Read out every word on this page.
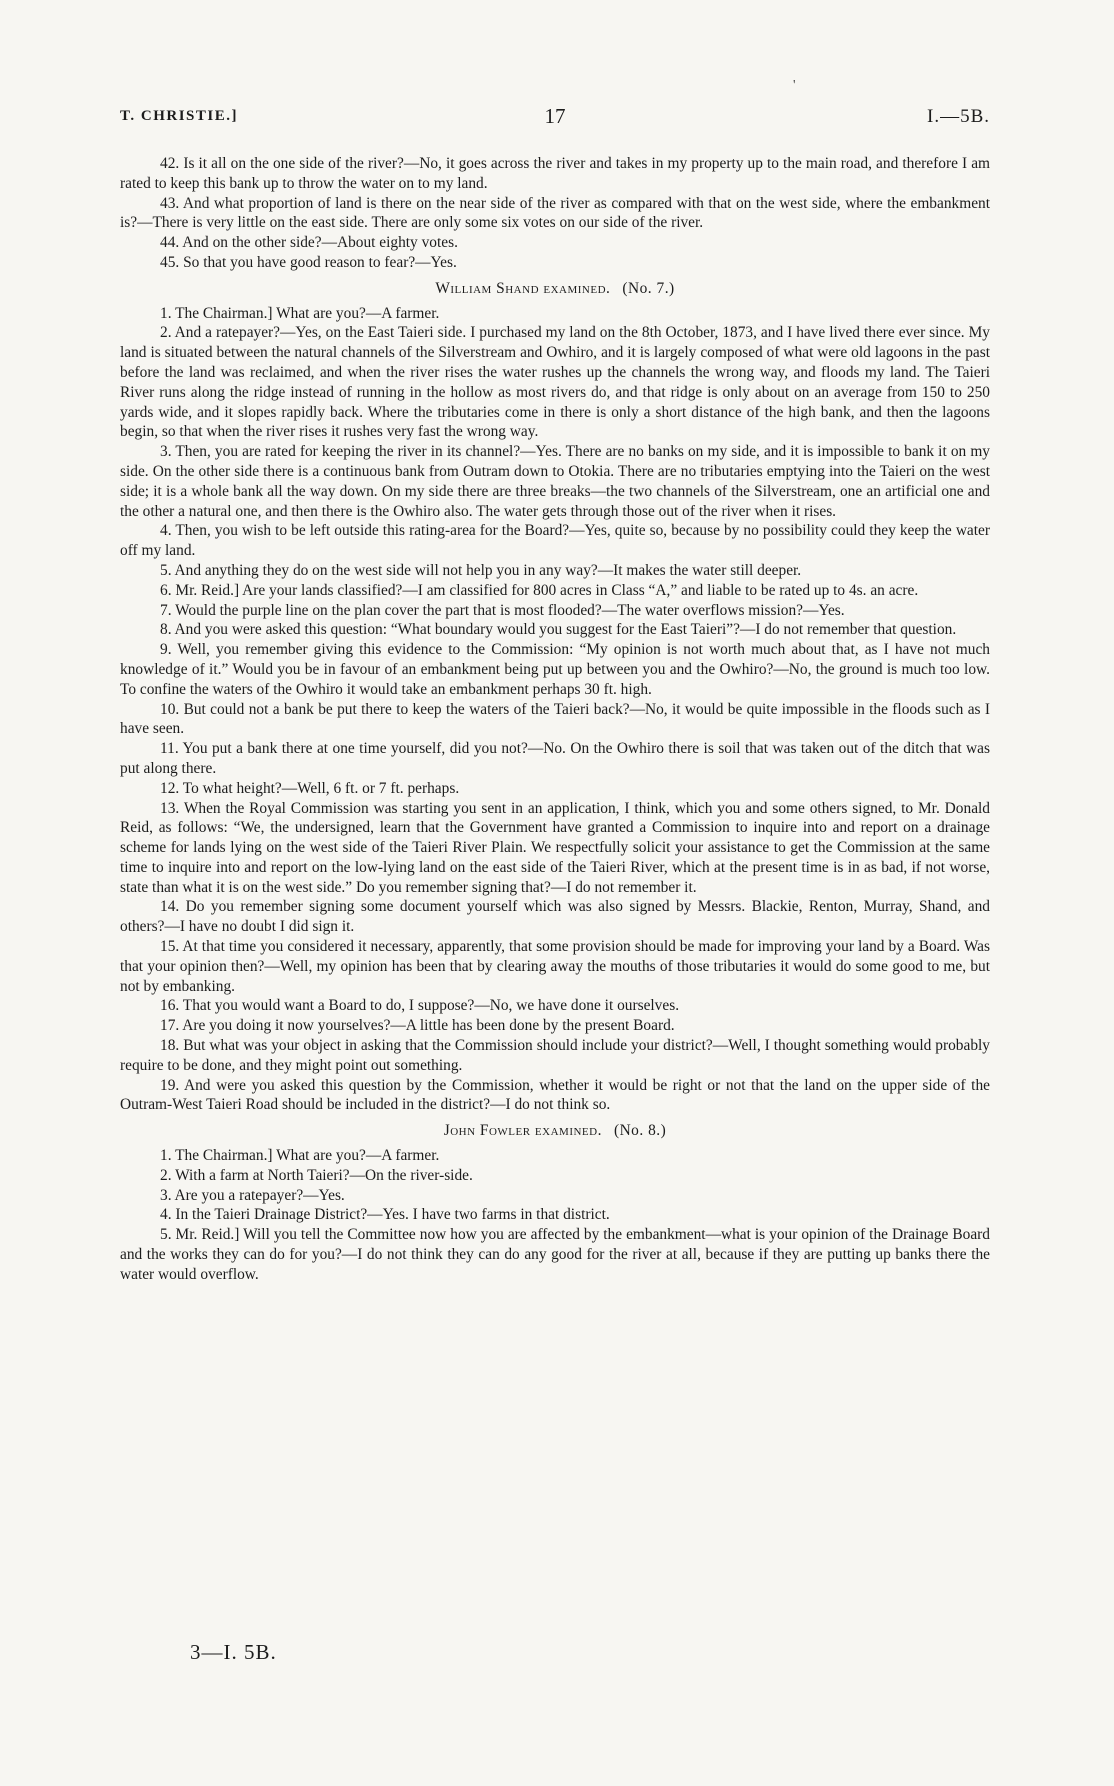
'
T. CHRISTIE.]	17	I.—5B.

42. Is it all on the one side of the river?—No, it goes across the river and takes in my property up to the main road, and therefore I am rated to keep this bank up to throw the water on to my land.

43. And what proportion of land is there on the near side of the river as compared with that on the west side, where the embankment is?—There is very little on the east side. There are only some six votes on our side of the river.

44. And on the other side?—About eighty votes.

45. So that you have good reason to fear?—Yes.

William Shand examined. (No. 7.)

1. The Chairman.] What are you?—A farmer.

2. And a ratepayer?—Yes, on the East Taieri side. I purchased my land on the 8th October, 1873, and I have lived there ever since. My land is situated between the natural channels of the Silverstream and Owhiro, and it is largely composed of what were old lagoons in the past before the land was reclaimed, and when the river rises the water rushes up the channels the wrong way, and floods my land. The Taieri River runs along the ridge instead of running in the hollow as most rivers do, and that ridge is only about on an average from 150 to 250 yards wide, and it slopes rapidly back. Where the tributaries come in there is only a short distance of the high bank, and then the lagoons begin, so that when the river rises it rushes very fast the wrong way.

3. Then, you are rated for keeping the river in its channel?—Yes. There are no banks on my side, and it is impossible to bank it on my side. On the other side there is a continuous bank from Outram down to Otokia. There are no tributaries emptying into the Taieri on the west side; it is a whole bank all the way down. On my side there are three breaks—the two channels of the Silverstream, one an artificial one and the other a natural one, and then there is the Owhiro also. The water gets through those out of the river when it rises.

4. Then, you wish to be left outside this rating-area for the Board?—Yes, quite so, because by no possibility could they keep the water off my land.

5. And anything they do on the west side will not help you in any way?—It makes the water still deeper.

6. Mr. Reid.] Are your lands classified?—I am classified for 800 acres in Class “A,” and liable to be rated up to 4s. an acre.

7. Would the purple line on the plan cover the part that is most flooded?—The water overflows mission?—Yes.

8. And you were asked this question: “What boundary would you suggest for the East Taieri”?—I do not remember that question.

9. Well, you remember giving this evidence to the Commission: “My opinion is not worth much about that, as I have not much knowledge of it.” Would you be in favour of an embankment being put up between you and the Owhiro?—No, the ground is much too low. To confine the waters of the Owhiro it would take an embankment perhaps 30 ft. high.

10. But could not a bank be put there to keep the waters of the Taieri back?—No, it would be quite impossible in the floods such as I have seen.

11. You put a bank there at one time yourself, did you not?—No. On the Owhiro there is soil that was taken out of the ditch that was put along there.

12. To what height?—Well, 6 ft. or 7 ft. perhaps.

13. When the Royal Commission was starting you sent in an application, I think, which you and some others signed, to Mr. Donald Reid, as follows: “We, the undersigned, learn that the Government have granted a Commission to inquire into and report on a drainage scheme for lands lying on the west side of the Taieri River Plain. We respectfully solicit your assistance to get the Commission at the same time to inquire into and report on the low-lying land on the east side of the Taieri River, which at the present time is in as bad, if not worse, state than what it is on the west side.” Do you remember signing that?—I do not remember it.

14. Do you remember signing some document yourself which was also signed by Messrs. Blackie, Renton, Murray, Shand, and others?—I have no doubt I did sign it.

15. At that time you considered it necessary, apparently, that some provision should be made for improving your land by a Board. Was that your opinion then?—Well, my opinion has been that by clearing away the mouths of those tributaries it would do some good to me, but not by embanking.

16. That you would want a Board to do, I suppose?—No, we have done it ourselves.

17. Are you doing it now yourselves?—A little has been done by the present Board.

18. But what was your object in asking that the Commission should include your district?—Well, I thought something would probably require to be done, and they might point out something.

19. And were you asked this question by the Commission, whether it would be right or not that the land on the upper side of the Outram-West Taieri Road should be included in the district?—I do not think so.

John Fowler examined. (No. 8.)

1. The Chairman.] What are you?—A farmer.

2. With a farm at North Taieri?—On the river-side.

3. Are you a ratepayer?—Yes.

4. In the Taieri Drainage District?—Yes. I have two farms in that district.

5. Mr. Reid.] Will you tell the Committee now how you are affected by the embankment—what is your opinion of the Drainage Board and the works they can do for you?—I do not think they can do any good for the river at all, because if they are putting up banks there the water would overflow.

3—I. 5B.
